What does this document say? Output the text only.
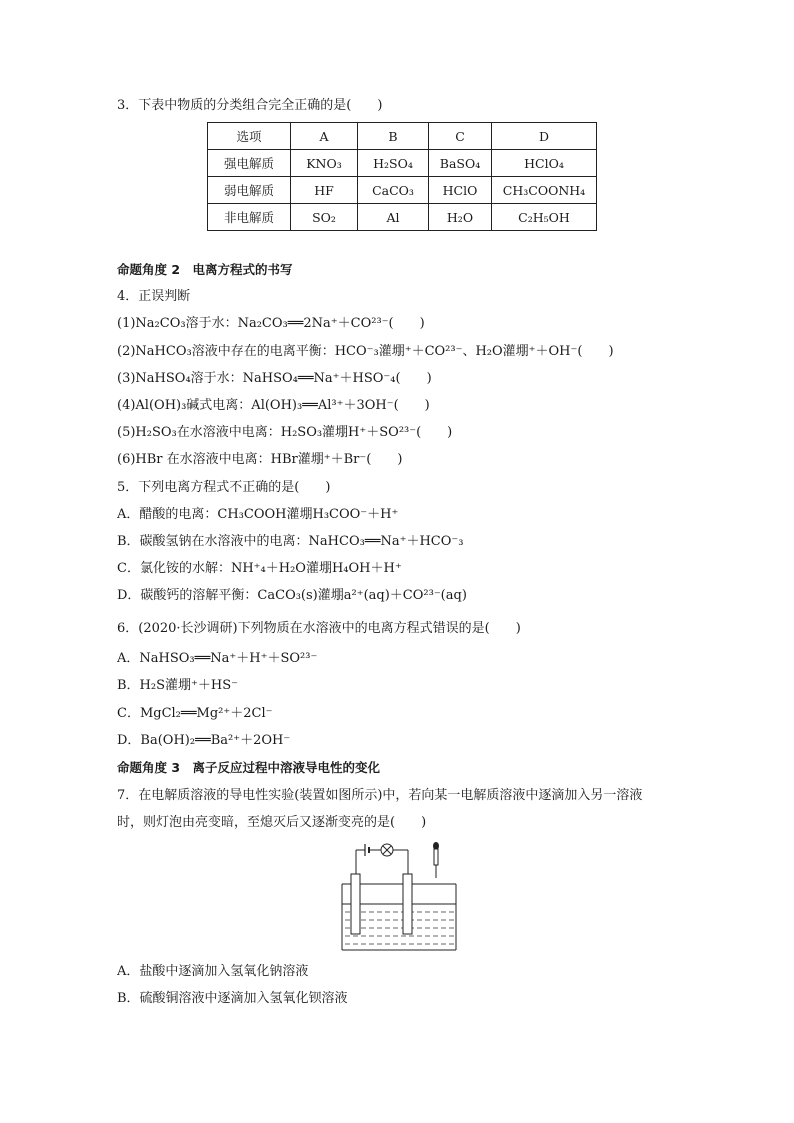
3．下表中物质的分类组合完全正确的是(　　)
选项	A	B	C	D
强电解质	KNO₃	H₂SO₄	BaSO₄	HClO₄
弱电解质	HF	CaCO₃	HClO	CH₃COONH₄
非电解质	SO₂	Al	H₂O	C₂H₅OH
命题角度 2　电离方程式的书写
4．正误判断
(1)Na₂CO₃溶于水：Na₂CO₃══2Na⁺＋CO²³⁻(　　)
(2)NaHCO₃溶液中存在的电离平衡：HCO⁻₃灌堋⁺＋CO²³⁻、H₂O灌堋⁺＋OH⁻(　　)
(3)NaHSO₄溶于水：NaHSO₄══Na⁺＋HSO⁻₄(　　)
(4)Al(OH)₃碱式电离：Al(OH)₃══Al³⁺＋3OH⁻(　　)
(5)H₂SO₃在水溶液中电离：H₂SO₃灌堋H⁺＋SO²³⁻(　　)
(6)HBr 在水溶液中电离：HBr灌堋⁺＋Br⁻(　　)
5．下列电离方程式不正确的是(　　)
A．醋酸的电离：CH₃COOH灌堋H₃COO⁻＋H⁺
B．碳酸氢钠在水溶液中的电离：NaHCO₃══Na⁺＋HCO⁻₃
C．氯化铵的水解：NH⁺₄＋H₂O灌堋H₄OH＋H⁺
D．碳酸钙的溶解平衡：CaCO₃(s)灌堋a²⁺(aq)＋CO²³⁻(aq)
6．(2020·长沙调研)下列物质在水溶液中的电离方程式错误的是(　　)
A．NaHSO₃══Na⁺＋H⁺＋SO²³⁻
B．H₂S灌堋⁺＋HS⁻
C．MgCl₂══Mg²⁺＋2Cl⁻
D．Ba(OH)₂══Ba²⁺＋2OH⁻
命题角度 3　离子反应过程中溶液导电性的变化
7．在电解质溶液的导电性实验(装置如图所示)中，若向某一电解质溶液中逐滴加入另一溶液
时，则灯泡由亮变暗，至熄灭后又逐渐变亮的是(　　)
A．盐酸中逐滴加入氢氧化钠溶液
B．硫酸铜溶液中逐滴加入氢氧化钡溶液
